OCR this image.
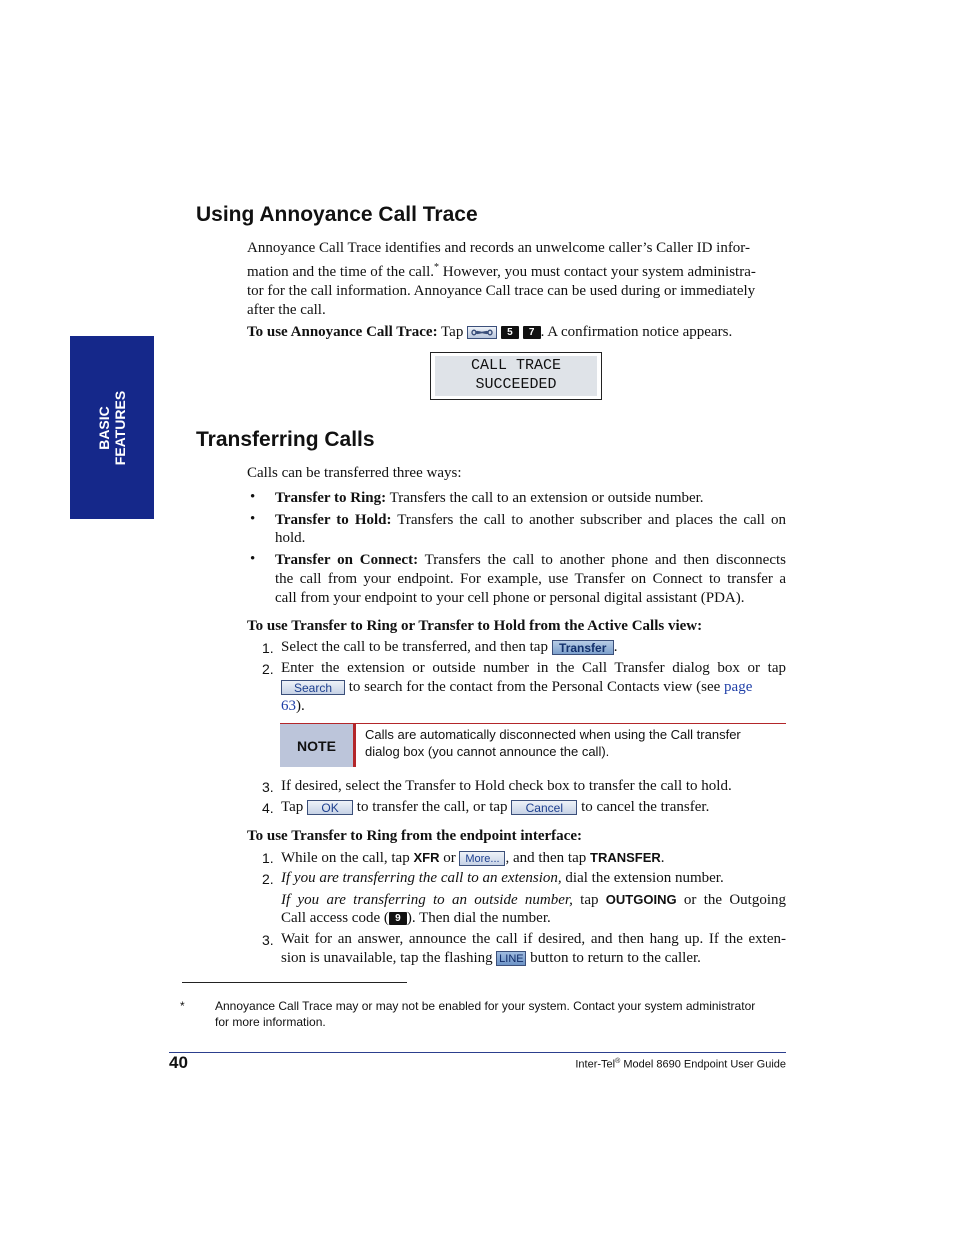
BASIC FEATURES
Using Annoyance Call Trace
Annoyance Call Trace identifies and records an unwelcome caller’s Caller ID infor-
mation and the time of the call.* However, you must contact your system administra-
tor for the call information. Annoyance Call trace can be used during or immediately
after the call.
To use Annoyance Call Trace: Tap	5 7 . A confirmation notice appears.
CALL TRACE
SUCCEEDED
Transferring Calls
Calls can be transferred three ways:
• Transfer to Ring: Transfers the call to an extension or outside number.
• Transfer to Hold: Transfers the call to another subscriber and places the call on
hold.
• Transfer on Connect: Transfers the call to another phone and then disconnects
the call from your endpoint. For example, use Transfer on Connect to transfer a
call from your endpoint to your cell phone or personal digital assistant (PDA).
To use Transfer to Ring or Transfer to Hold from the Active Calls view:
1. Select the call to be transferred, and then tap Transfer .
2. Enter the extension or outside number in the Call Transfer dialog box or tap
Search to search for the contact from the Personal Contacts view (see page
63).
NOTE
Calls are automatically disconnected when using the Call transfer
dialog box (you cannot announce the call).
3. If desired, select the Transfer to Hold check box to transfer the call to hold.
4. Tap OK to transfer the call, or tap Cancel to cancel the transfer.
To use Transfer to Ring from the endpoint interface:
1. While on the call, tap XFR or More... , and then tap TRANSFER.
2. If you are transferring the call to an extension, dial the extension number.
If you are transferring to an outside number, tap OUTGOING or the Outgoing
Call access code ( 9 ). Then dial the number.
3. Wait for an answer, announce the call if desired, and then hang up. If the exten-
sion is unavailable, tap the flashing LINE button to return to the caller.
*	Annoyance Call Trace may or may not be enabled for your system. Contact your system administrator
for more information.
40	Inter-Tel® Model 8690 Endpoint User Guide
